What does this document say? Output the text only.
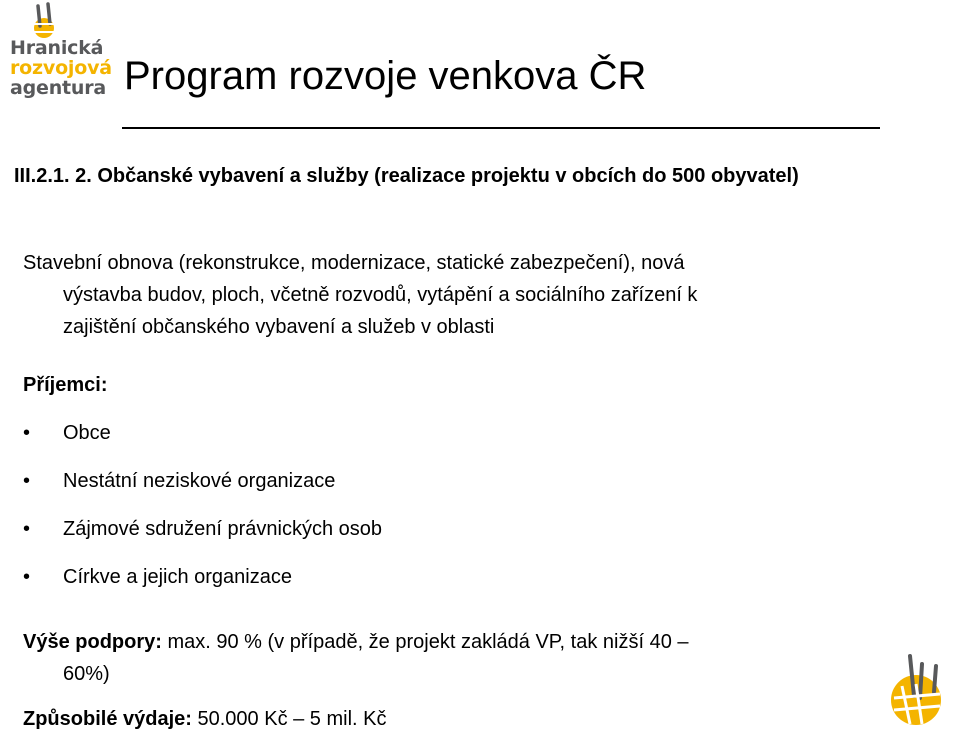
Hranická
rozvojová
agentura Program rozvoje venkova ČR
III.2.1. 2. Občanské vybavení a služby (realizace projektu v obcích do 500 obyvatel)
Stavební obnova (rekonstrukce, modernizace, statické zabezpečení), nová
výstavba budov, ploch, včetně rozvodů, vytápění a sociálního zařízení k
zajištění občanského vybavení a služeb v oblasti
Příjemci:
• Obce
• Nestátní neziskové organizace
• Zájmové sdružení právnických osob
• Církve a jejich organizace
Výše podpory: max. 90 % (v případě, že projekt zakládá VP, tak nižší 40 –
60%)
Způsobilé výdaje: 50.000 Kč – 5 mil. Kč
